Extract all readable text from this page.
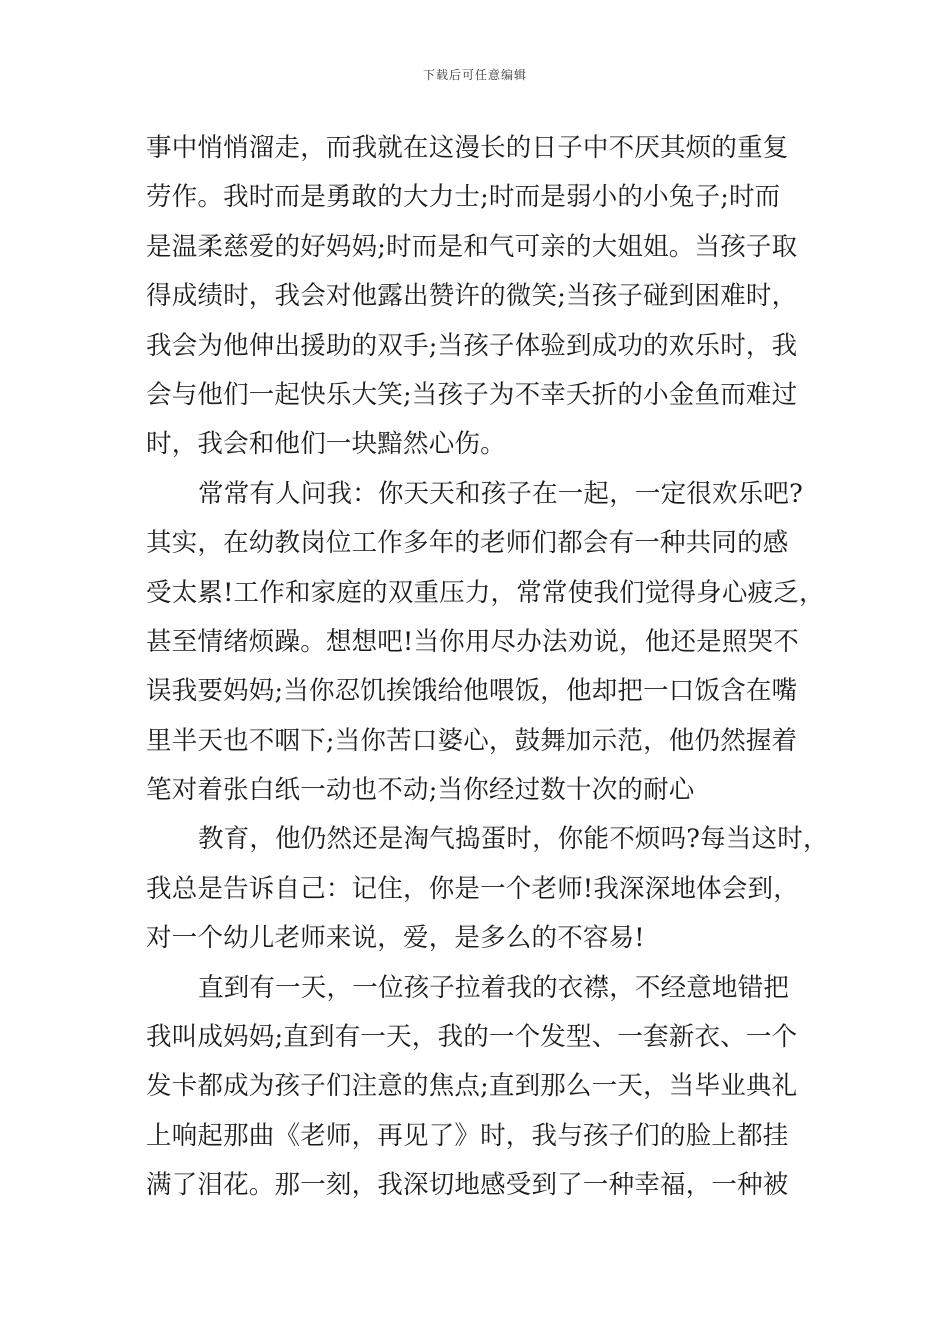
下载后可任意编辑
事中悄悄溜走，而我就在这漫长的日子中不厌其烦的重复
劳作。我时而是勇敢的大力士;时而是弱小的小兔子;时而
是温柔慈爱的好妈妈;时而是和气可亲的大姐姐。当孩子取
得成绩时，我会对他露出赞许的微笑;当孩子碰到困难时，
我会为他伸出援助的双手;当孩子体验到成功的欢乐时，我
会与他们一起快乐大笑;当孩子为不幸夭折的小金鱼而难过
时，我会和他们一块黯然心伤。
常常有人问我：你天天和孩子在一起，一定很欢乐吧?
其实，在幼教岗位工作多年的老师们都会有一种共同的感
受太累!工作和家庭的双重压力，常常使我们觉得身心疲乏，
甚至情绪烦躁。想想吧!当你用尽办法劝说，他还是照哭不
误我要妈妈;当你忍饥挨饿给他喂饭，他却把一口饭含在嘴
里半天也不咽下;当你苦口婆心，鼓舞加示范，他仍然握着
笔对着张白纸一动也不动;当你经过数十次的耐心
教育，他仍然还是淘气捣蛋时，你能不烦吗?每当这时，
我总是告诉自己：记住，你是一个老师!我深深地体会到，
对一个幼儿老师来说，爱，是多么的不容易!
直到有一天，一位孩子拉着我的衣襟，不经意地错把
我叫成妈妈;直到有一天，我的一个发型、一套新衣、一个
发卡都成为孩子们注意的焦点;直到那么一天，当毕业典礼
上响起那曲《老师，再见了》时，我与孩子们的脸上都挂
满了泪花。那一刻，我深切地感受到了一种幸福，一种被
